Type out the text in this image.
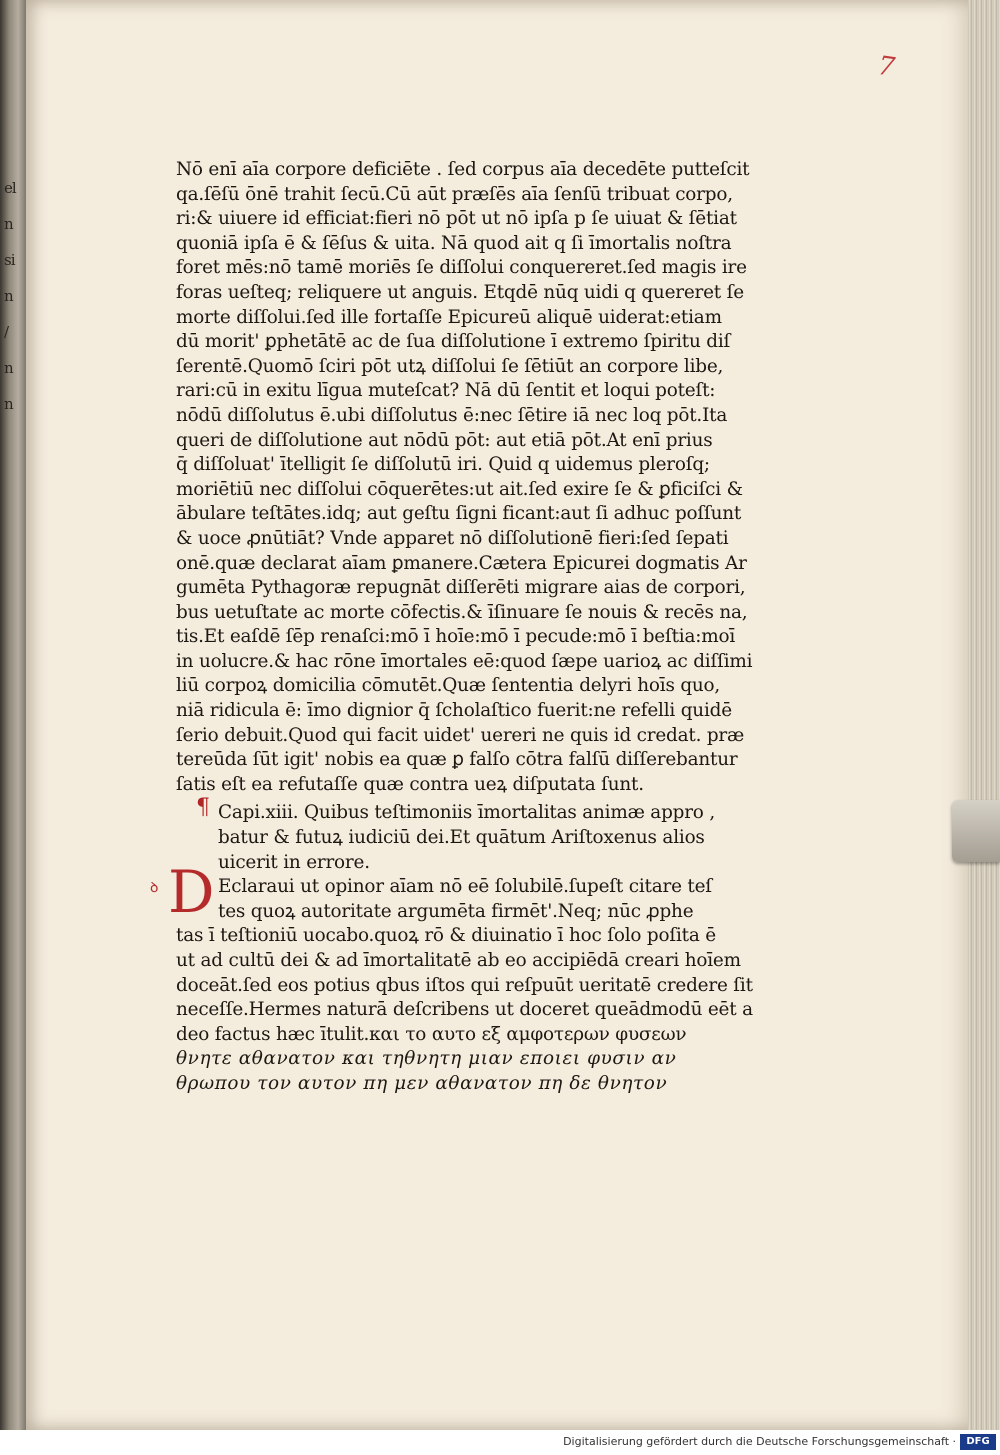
el
n
si
n
/
n
n
7
Nō enī aīa corpore deficiēte . ſed corpus aīa decedēte putteſcit
qa.ſēſū ōnē trahit ſecū.Cū aūt præſēs aīa ſenſū tribuat corpo,
ri:& uiuere id efficiat:fieri nō pōt ut nō ipſa p ſe uiuat & ſētiat
quoniā ipſa ē & ſēſus & uita. Nā quod ait q ſi īmortalis noſtra
foret mēs:nō tamē moriēs ſe diſſolui conquereret.ſed magis ire
foras ueſteq; reliquere ut anguis. Etqdē nūq uidi q quereret ſe
morte diſſolui.ſed ille fortaſſe Epicureū aliquē uiderat:etiam
dū morit' ꝑphetātē ac de ſua diſſolutione ī extremo ſpiritu diſ
ſerentē.Quomō ſciri pōt utꝝ diſſolui ſe ſētiūt an corpore libe,
rari:cū in exitu līgua muteſcat? Nā dū ſentit et loqui poteſt:
nōdū diſſolutus ē.ubi diſſolutus ē:nec ſētire iā nec loq pōt.Ita
queri de diſſolutione aut nōdū pōt: aut etiā pōt.At enī prius
q̄ diſſoluat' ītelligit ſe diſſolutū iri. Quid q uidemus pleroſq;
moriētiū nec diſſolui cōquerētes:ut ait.ſed exire ſe & ꝑficiſci &
ābulare teſtātes.idq; aut geſtu ſigni ficant:aut ſi adhuc poſſunt
& uoce ꝓnūtiāt? Vnde apparet nō diſſolutionē fieri:ſed ſepati
onē.quæ declarat aīam ꝑmanere.Cætera Epicurei dogmatis Ar
gumēta Pythagoræ repugnāt diſſerēti migrare aias de corpori,
bus uetuſtate ac morte cōfectis.& īſinuare ſe nouis & recēs na,
tis.Et eaſdē ſēp renaſci:mō ī hoīe:mō ī pecude:mō ī beſtia:moī
in uolucre.& hac rōne īmortales eē:quod ſæpe uarioꝝ ac diſſimi
liū corpoꝝ domicilia cōmutēt.Quæ ſententia delyri hoīs quo,
niā ridicula ē: īmo dignior q̄ ſcholaſtico fuerit:ne refelli quidē
ſerio debuit.Quod qui facit uidet' uereri ne quis id credat. præ
tereūda ſūt igit' nobis ea quæ ꝑ falſo cōtra falſū diſſerebantur
ſatis eſt ea refutaſſe quæ contra ueꝝ diſputata ſunt.
Capi.xiii. Quibus teſtimoniis īmortalitas animæ appro ,
batur & futuꝝ iudiciū dei.Et quātum Ariſtoxenus alios
uicerit in errore.
Eclaraui ut opinor aīam nō eē ſolubilē.ſupeſt citare teſ
tes quoꝝ autoritate argumēta firmēt'.Neq; nūc ꝓphe
tas ī teſtioniū uocabo.quoꝝ rō & diuinatio ī hoc ſolo poſita ē
ut ad cultū dei & ad īmortalitatē ab eo accipiēdā creari hoīem
doceāt.ſed eos potius qbus iſtos qui reſpuūt ueritatē credere ſit
neceſſe.Hermes naturā deſcribens ut doceret queādmodū eēt a
deo factus hæc ītulit.και το αυτο εξ αμφοτερων φυσεων
θνητε αθανατον και τηθνητη μιαν εποιει φυσιν αν
θρωπου τον αυτον πη μεν αθανατον πη δε θνητον
¶
D
ꝺ
Digitalisierung gefördert durch die Deutsche Forschungsgemeinschaft ·	DFG
